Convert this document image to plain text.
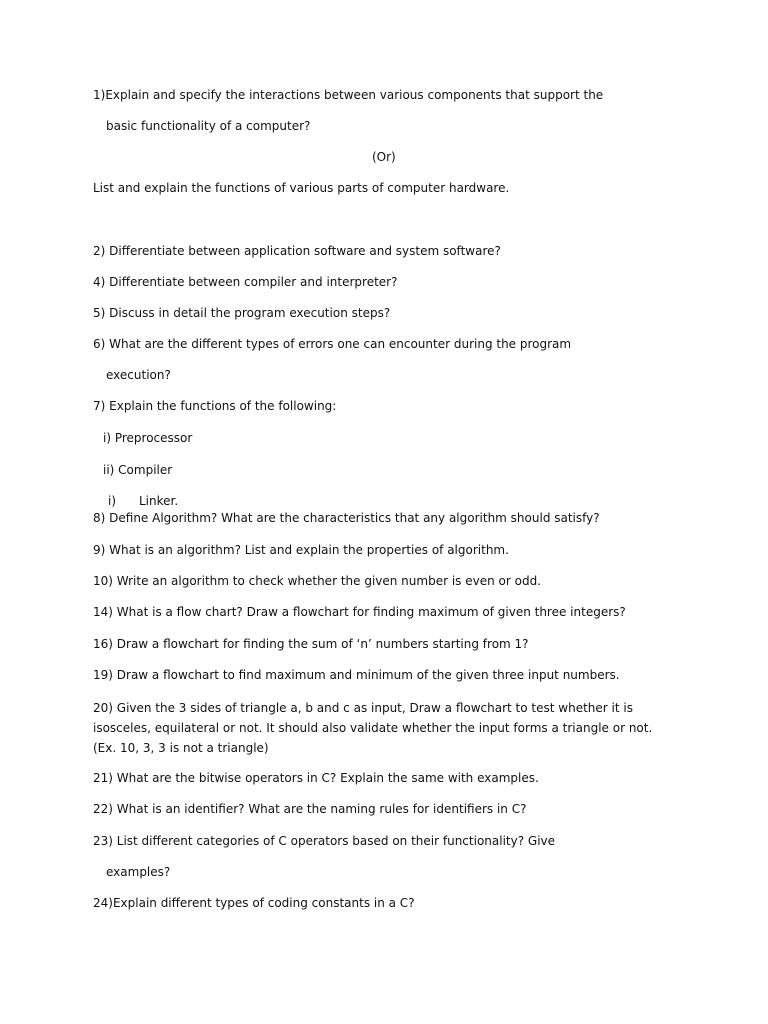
1)Explain and specify the interactions between various components that support the
basic functionality of a computer?
(Or)
List and explain the functions of various parts of computer hardware.
2) Differentiate between application software and system software?
4) Differentiate between compiler and interpreter?
5) Discuss in detail the program execution steps?
6) What are the different types of errors one can encounter during the program
execution?
7) Explain the functions of the following:
i) Preprocessor
ii) Compiler
i) Linker.
8) Define Algorithm? What are the characteristics that any algorithm should satisfy?
9) What is an algorithm? List and explain the properties of algorithm.
10) Write an algorithm to check whether the given number is even or odd.
14) What is a flow chart? Draw a flowchart for finding maximum of given three integers?
16) Draw a flowchart for finding the sum of ‘n’ numbers starting from 1?
19) Draw a flowchart to find maximum and minimum of the given three input numbers.
20) Given the 3 sides of triangle a, b and c as input, Draw a flowchart to test whether it is isosceles, equilateral or not. It should also validate whether the input forms a triangle or not. (Ex. 10, 3, 3 is not a triangle)
21) What are the bitwise operators in C? Explain the same with examples.
22) What is an identifier? What are the naming rules for identifiers in C?
23) List different categories of C operators based on their functionality? Give
examples?
24)Explain different types of coding constants in a C?
